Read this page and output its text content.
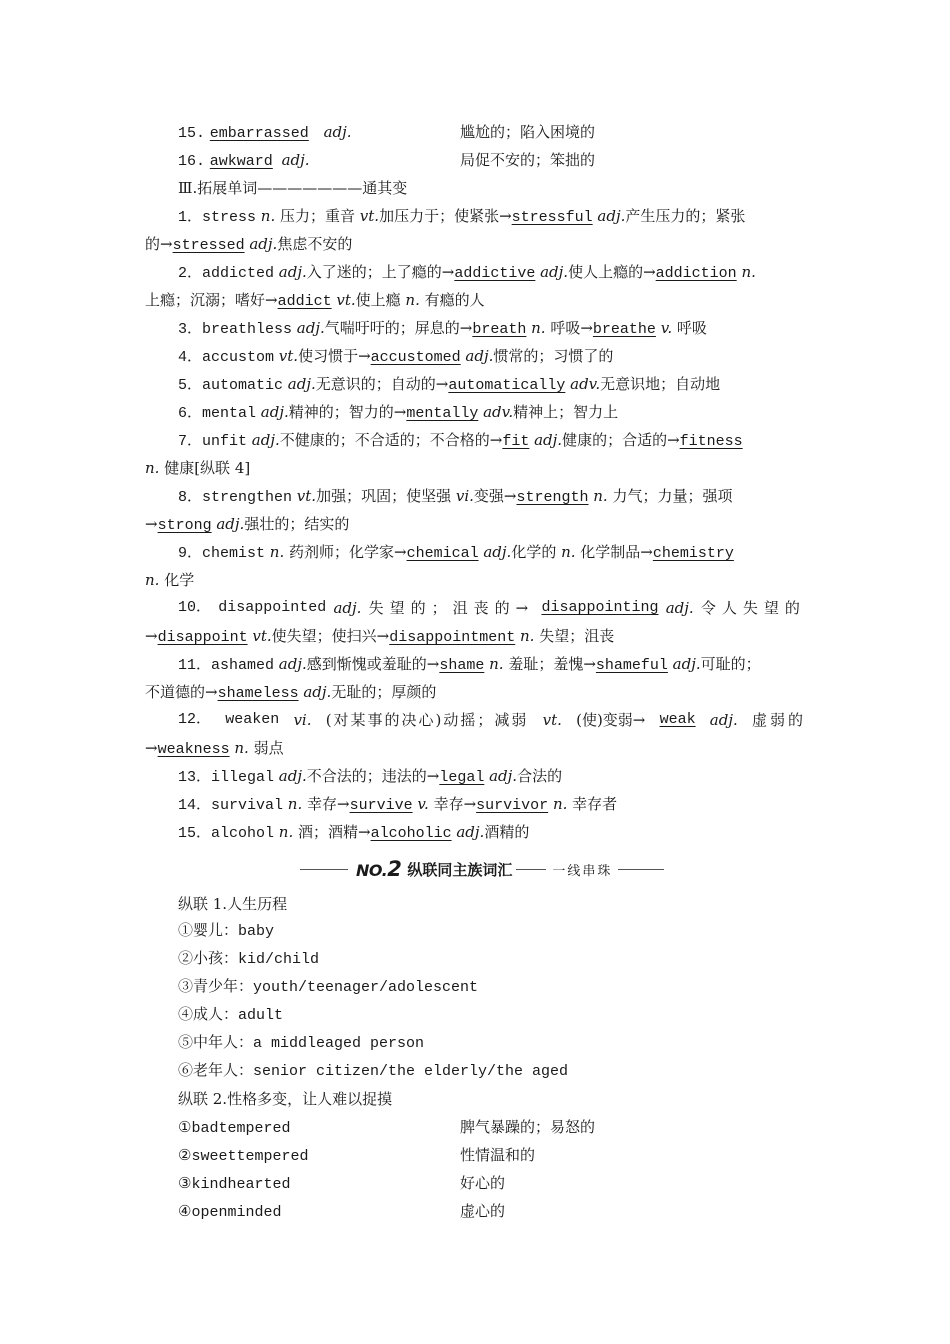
15. embarrassed adj.	尴尬的；陷入困境的
16. awkward adj.	局促不安的；笨拙的
Ⅲ.拓展单词———————通其变
1．stress n. 压力；重音 vt.加压力于；使紧张→stressful adj.产生压力的；紧张
的→stressed adj.焦虑不安的
2．addicted adj.入了迷的；上了瘾的→addictive adj.使人上瘾的→addiction n.
上瘾；沉溺；嗜好→addict vt.使上瘾 n. 有瘾的人
3．breathless adj.气喘吁吁的；屏息的→breath n. 呼吸→breathe v. 呼吸
4．accustom vt.使习惯于→accustomed adj.惯常的；习惯了的
5．automatic adj.无意识的；自动的→automatically adv.无意识地；自动地
6．mental adj.精神的；智力的→mentally adv.精神上；智力上
7．unfit adj.不健康的；不合适的；不合格的→fit adj.健康的；合适的→fitness
n. 健康[纵联 4]
8．strengthen vt.加强；巩固；使坚强 vi.变强→strength n. 力气；力量；强项
→strong adj.强壮的；结实的
9．chemist n. 药剂师；化学家→chemical adj.化学的 n. 化学制品→chemistry
n. 化学
10． disappointed adj. 失望的；沮丧的→ disappointing adj. 令人失望的
→disappoint vt.使失望；使扫兴→disappointment n. 失望；沮丧
11．ashamed adj.感到惭愧或羞耻的→shame n. 羞耻；羞愧→shameful adj.可耻的；
不道德的→shameless adj.无耻的；厚颜的
12． weaken vi. (对某事的决心)动摇；减弱 vt. (使)变弱→ weak adj. 虚弱的
→weakness n. 弱点
13．illegal adj.不合法的；违法的→legal adj.合法的
14．survival n. 幸存→survive v. 幸存→survivor n. 幸存者
15．alcohol n. 酒；酒精→alcoholic adj.酒精的
NO.2 纵联同主族词汇	一线串珠
纵联 1.人生历程
①婴儿：baby
②小孩：kid/child
③青少年：youth/teenager/adolescent
④成人：adult
⑤中年人：a middleaged person
⑥老年人：senior citizen/the elderly/the aged
纵联 2.性格多变，让人难以捉摸
①badtempered	脾气暴躁的；易怒的
②sweettempered	性情温和的
③kindhearted	好心的
④openminded	虚心的
